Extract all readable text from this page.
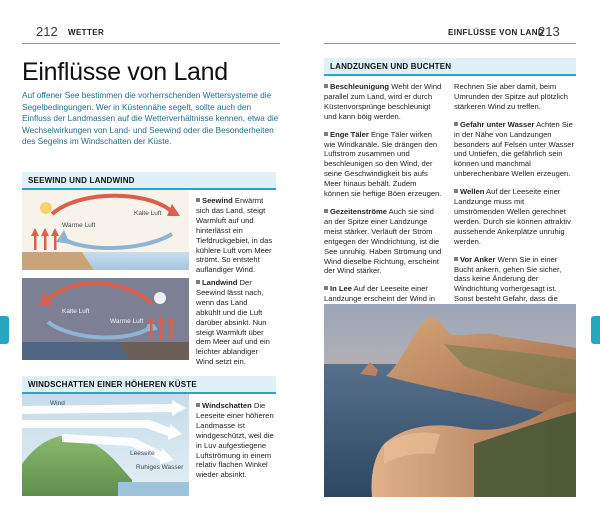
212 WETTER	EINFLÜSSE VON LAND
213
Einflüsse von Land
Auf offener See bestimmen die vorherrschenden Wettersysteme die Segelbedingungen. Wer in Küstennähe segelt, sollte auch den Einfluss der Landmassen auf die Wetterverhältnisse kennen, etwa die Wechselwirkungen von Land- und Seewind oder die Besonderheiten des Segelns im Windschatten der Küste.
SEEWIND UND LANDWIND
Kalte Luft
Warme Luft
Seewind Erwärmt sich das Land, steigt Warmluft auf und hinterlässt ein Tiefdruckgebiet, in das kühlere Luft vom Meer strömt. So entsteht auflandiger Wind.
Kalte Luft
Warme Luft
Landwind Der Seewind lässt nach, wenn das Land abkühlt und die Luft darüber absinkt. Nun steigt Warmluft über dem Meer auf und ein leichter ablandiger Wind setzt ein.
WINDSCHATTEN EINER HÖHEREN KÜSTE
Wind
Leeseite
Ruhiges Wasser
Windschatten Die Leeseite einer höheren Landmasse ist windgeschützt, weil die in Luv aufgestiegene Luftströmung in einem relativ flachen Winkel wieder absinkt.
LANDZUNGEN UND BUCHTEN

Beschleunigung Weht der Wind parallel zum Land, wird er durch Küstenvorsprünge beschleunigt und kann böig werden.

Enge Täler Enge Täler wirken wie Windkanäle. Sie drängen den Luftstrom zusammen und beschleunigen so den Wind, der seine Geschwindigkeit bis aufs Meer hinaus behält. Zudem können sie heftige Böen erzeugen.

Gezeitenströme Auch sie sind an der Spitze einer Landzunge meist stärker. Verläuft der Strom entgegen der Windrichtung, ist die See unruhig. Haben Strömung und Wind dieselbe Richtung, erscheint der Wind stärker.

In Lee Auf der Leeseite einer Landzunge erscheint der Wind in

Rechnen Sie aber damit, beim Umrunden der Spitze auf plötzlich stärkeren Wind zu treffen.

Gefahr unter Wasser Achten Sie in der Nähe von Landzungen besonders auf Felsen unter Wasser und Untiefen, die gefährlich sein können und manchmal unberechenbare Wellen erzeugen.

Wellen Auf der Leeseite einer Landzunge muss mit umströmenden Wellen gerechnet werden. Durch sie können attraktiv aussehende Ankerplätze unruhig werden.

Vor Anker Wenn Sie in einer Bucht ankern, gehen Sie sicher, dass keine Änderung der Windrichtung vorhergesagt ist. Sonst besteht Gefahr, dass die
